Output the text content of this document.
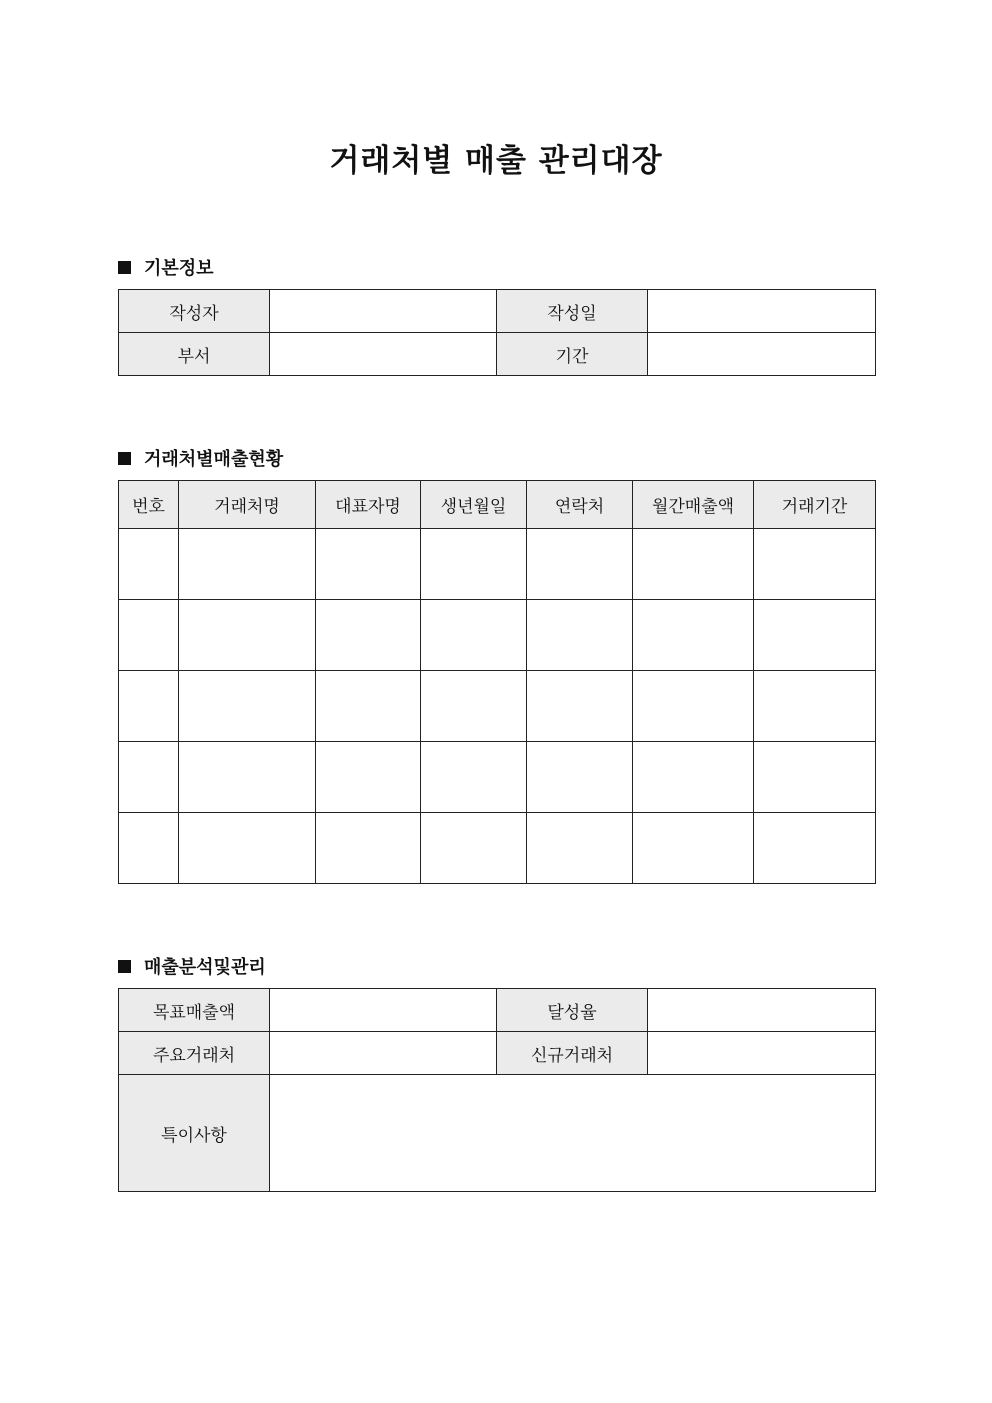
거래처별 매출 관리대장
기본정보
작성자		작성일	
부서		기간	
거래처별매출현황
번호	거래처명	대표자명	생년월일	연락처	월간매출액	거래기간

매출분석및관리
목표매출액		달성율	
주요거래처		신규거래처	
특이사항			
